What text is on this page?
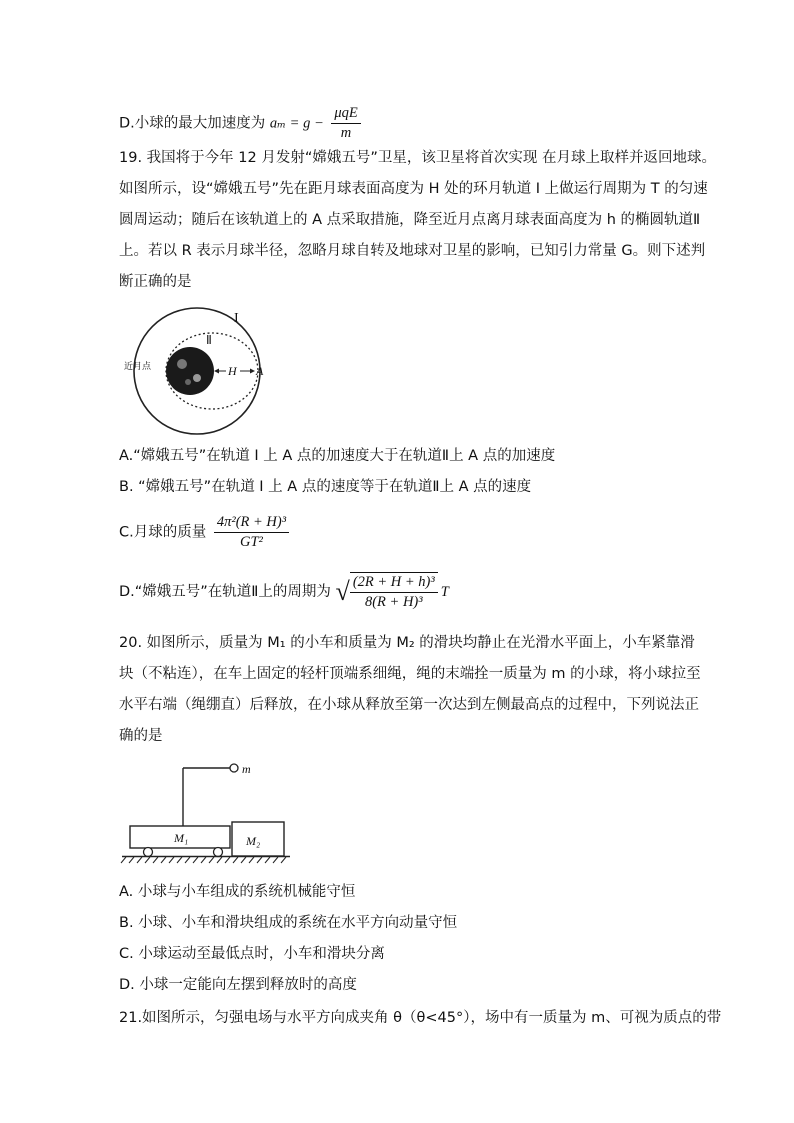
D.小球的最大加速度为 $a_m = g - \frac{\text{μqE}}{m}$
19. 我国将于今年 12 月发射“嫦娥五号”卫星，该卫星将首次实现 在月球上取样并返回地球。
如图所示，设“嫦娥五号”先在距月球表面高度为 H 处的环月轨道 I 上做运行周期为 T 的匀速
圆周运动；随后在该轨道上的 A 点采取措施，降至近月点离月球表面高度为 h 的椭圆轨道Ⅱ
上。若以 R 表示月球半径，忽略月球自转及地球对卫星的影响，已知引力常量 G。则下述判
断正确的是
I
Ⅱ
近月点	H A
A.“嫦娥五号”在轨道 I 上 A 点的加速度大于在轨道Ⅱ上 A 点的加速度
B. “嫦娥五号”在轨道 I 上 A 点的速度等于在轨道Ⅱ上 A 点的速度
C.月球的质量 $\frac{\text{4π²(R + H)³}}{\text{GT²}}$
D.“嫦娥五号”在轨道Ⅱ上的周期为 √ $\frac{\text{(2R + H + h)³}}{\text{8(R + H)³}}$ T
20. 如图所示，质量为 M₁ 的小车和质量为 M₂ 的滑块均静止在光滑水平面上，小车紧靠滑
块（不粘连），在车上固定的轻杆顶端系细绳，绳的末端拴一质量为 m 的小球，将小球拉至
水平右端（绳绷直）后释放，在小球从释放至第一次达到左侧最高点的过程中，下列说法正
确的是
m
M₁	M₂
A. 小球与小车组成的系统机械能守恒
B. 小球、小车和滑块组成的系统在水平方向动量守恒
C. 小球运动至最低点时，小车和滑块分离
D. 小球一定能向左摆到释放时的高度
21.如图所示，匀强电场与水平方向成夹角 θ（θ<45°），场中有一质量为 m、可视为质点的带
